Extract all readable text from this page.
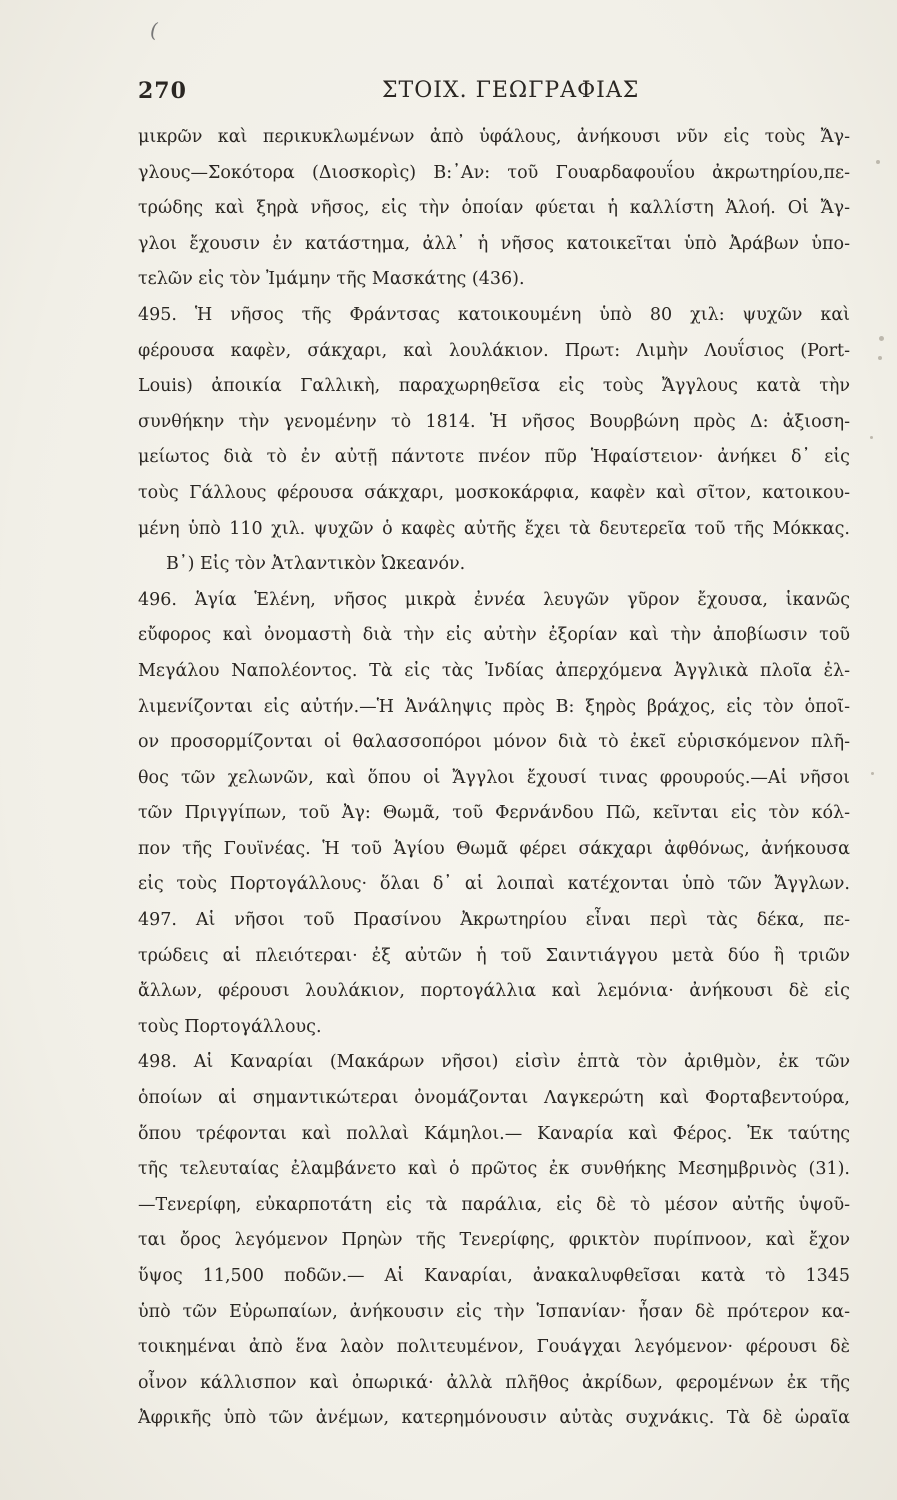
(
270	ΣΤΟΙΧ. ΓΕΩΓΡΑΦΙΑΣ
μικρῶν καὶ περικυκλωμένων ἀπὸ ὑφάλους, ἀνήκουσι νῦν εἰς τοὺς Ἄγ-
γλους—Σοκότορα (Διοσκορὶς) Β:᾽Αν: τοῦ Γουαρδαφουΐου ἀκρωτηρίου,πε-
τρώδης καὶ ξηρὰ νῆσος, εἰς τὴν ὁποίαν φύεται ἡ καλλίστη Ἀλοή. Οἱ Ἄγ-
γλοι ἔχουσιν ἐν κατάστημα, ἀλλ᾽ ἡ νῆσος κατοικεῖται ὑπὸ Ἀράβων ὑπο-
τελῶν εἰς τὸν Ἰμάμην τῆς Μασκάτης (436).
495. Ἡ νῆσος τῆς Φράντσας κατοικουμένη ὑπὸ 80 χιλ: ψυχῶν καὶ
φέρουσα καφὲν, σάκχαρι, καὶ λουλάκιον. Πρωτ: Λιμὴν Λουΐσιος (Port-
Louis) ἀποικία Γαλλικὴ, παραχωρηθεῖσα εἰς τοὺς Ἄγγλους κατὰ τὴν
συνθήκην τὴν γενομένην τὸ 1814. Ἡ νῆσος Βουρβώνη πρὸς Δ: ἀξιοση-
μείωτος διὰ τὸ ἐν αὐτῇ πάντοτε πνέον πῦρ Ἡφαίστειον· ἀνήκει δ᾽ εἰς
τοὺς Γάλλους φέρουσα σάκχαρι, μοσκοκάρφια, καφὲν καὶ σῖτον, κατοικου-
μένη ὑπὸ 110 χιλ. ψυχῶν ὁ καφὲς αὐτῆς ἔχει τὰ δευτερεῖα τοῦ τῆς Μόκκας.
Β᾽) Εἰς τὸν Ἀτλαντικὸν Ὠκεανόν.
496. Ἁγία Ἑλένη, νῆσος μικρὰ ἐννέα λευγῶν γῦρον ἔχουσα, ἱκανῶς
εὔφορος καὶ ὀνομαστὴ διὰ τὴν εἰς αὐτὴν ἐξορίαν καὶ τὴν ἀποβίωσιν τοῦ
Μεγάλου Ναπολέοντος. Τὰ εἰς τὰς Ἰνδίας ἀπερχόμενα Ἀγγλικὰ πλοῖα ἐλ-
λιμενίζονται εἰς αὐτήν.—Ἡ Ἀνάληψις πρὸς Β: ξηρὸς βράχος, εἰς τὸν ὁποῖ-
ον προσορμίζονται οἱ θαλασσοπόροι μόνον διὰ τὸ ἐκεῖ εὑρισκόμενον πλῆ-
θος τῶν χελωνῶν, καὶ ὅπου οἱ Ἄγγλοι ἔχουσί τινας φρουρούς.—Αἱ νῆσοι
τῶν Πριγγίπων, τοῦ Ἀγ: Θωμᾶ, τοῦ Φερνάνδου Πῶ, κεῖνται εἰς τὸν κόλ-
πον τῆς Γουϊνέας. Ἡ τοῦ Ἁγίου Θωμᾶ φέρει σάκχαρι ἀφθόνως, ἀνήκουσα
εἰς τοὺς Πορτογάλλους· ὅλαι δ᾽ αἱ λοιπαὶ κατέχονται ὑπὸ τῶν Ἄγγλων.
497. Αἱ νῆσοι τοῦ Πρασίνου Ἀκρωτηρίου εἶναι περὶ τὰς δέκα, πε-
τρώδεις αἱ πλειότεραι· ἐξ αὐτῶν ἡ τοῦ Σαιντιάγγου μετὰ δύο ἢ τριῶν
ἄλλων, φέρουσι λουλάκιον, πορτογάλλια καὶ λεμόνια· ἀνήκουσι δὲ εἰς
τοὺς Πορτογάλλους.
498. Αἱ Καναρίαι (Μακάρων νῆσοι) εἰσὶν ἑπτὰ τὸν ἀριθμὸν, ἐκ τῶν
ὁποίων αἱ σημαντικώτεραι ὀνομάζονται Λαγκερώτη καὶ Φορταβεντούρα,
ὅπου τρέφονται καὶ πολλαὶ Κάμηλοι.— Καναρία καὶ Φέρος. Ἐκ ταύτης
τῆς τελευταίας ἐλαμβάνετο καὶ ὁ πρῶτος ἐκ συνθήκης Μεσημβρινὸς (31).
—Τενερίφη, εὐκαρποτάτη εἰς τὰ παράλια, εἰς δὲ τὸ μέσον αὐτῆς ὑψοῦ-
ται ὄρος λεγόμενον Πρηὼν τῆς Τενερίφης, φρικτὸν πυρίπνοον, καὶ ἔχον
ὕψος 11,500 ποδῶν.— Αἱ Καναρίαι, ἀνακαλυφθεῖσαι κατὰ τὸ 1345
ὑπὸ τῶν Εὐρωπαίων, ἀνήκουσιν εἰς τὴν Ἱσπανίαν· ἦσαν δὲ πρότερον κα-
τοικημέναι ἀπὸ ἕνα λαὸν πολιτευμένον, Γουάγχαι λεγόμενον· φέρουσι δὲ
οἶνον κάλλισπον καὶ ὀπωρικά· ἀλλὰ πλῆθος ἀκρίδων, φερομένων ἐκ τῆς
Ἀφρικῆς ὑπὸ τῶν ἀνέμων, κατερημόνουσιν αὐτὰς συχνάκις. Τὰ δὲ ὡραῖα
